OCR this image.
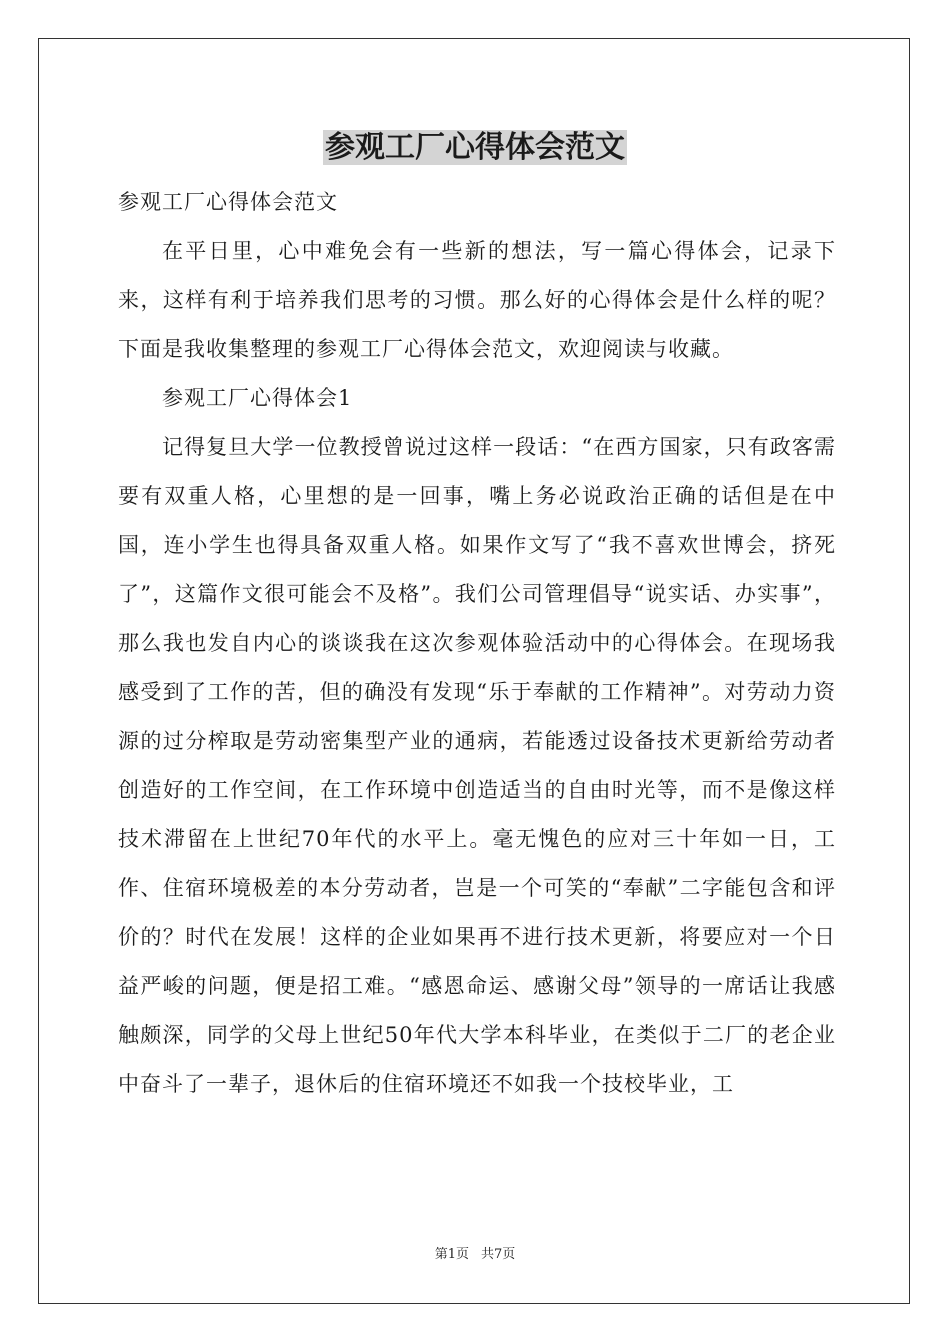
参观工厂心得体会范文

参观工厂心得体会范文

在平日里，心中难免会有一些新的想法，写一篇心得体会，记录下来，这样有利于培养我们思考的习惯。那么好的心得体会是什么样的呢？下面是我收集整理的参观工厂心得体会范文，欢迎阅读与收藏。

参观工厂心得体会1

记得复旦大学一位教授曾说过这样一段话：“在西方国家，只有政客需要有双重人格，心里想的是一回事，嘴上务必说政治正确的话但是在中国，连小学生也得具备双重人格。如果作文写了“我不喜欢世博会，挤死了”，这篇作文很可能会不及格”。我们公司管理倡导“说实话、办实事”，那么我也发自内心的谈谈我在这次参观体验活动中的心得体会。在现场我感受到了工作的苦，但的确没有发现“乐于奉献的工作精神”。对劳动力资源的过分榨取是劳动密集型产业的通病，若能透过设备技术更新给劳动者创造好的工作空间，在工作环境中创造适当的自由时光等，而不是像这样技术滞留在上世纪70年代的水平上。毫无愧色的应对三十年如一日，工作、住宿环境极差的本分劳动者，岂是一个可笑的“奉献”二字能包含和评价的？时代在发展！这样的企业如果再不进行技术更新，将要应对一个日益严峻的问题，便是招工难。“感恩命运、感谢父母”领导的一席话让我感触颇深，同学的父母上世纪50年代大学本科毕业，在类似于二厂的老企业中奋斗了一辈子，退休后的住宿环境还不如我一个技校毕业，工

第1页 共7页
